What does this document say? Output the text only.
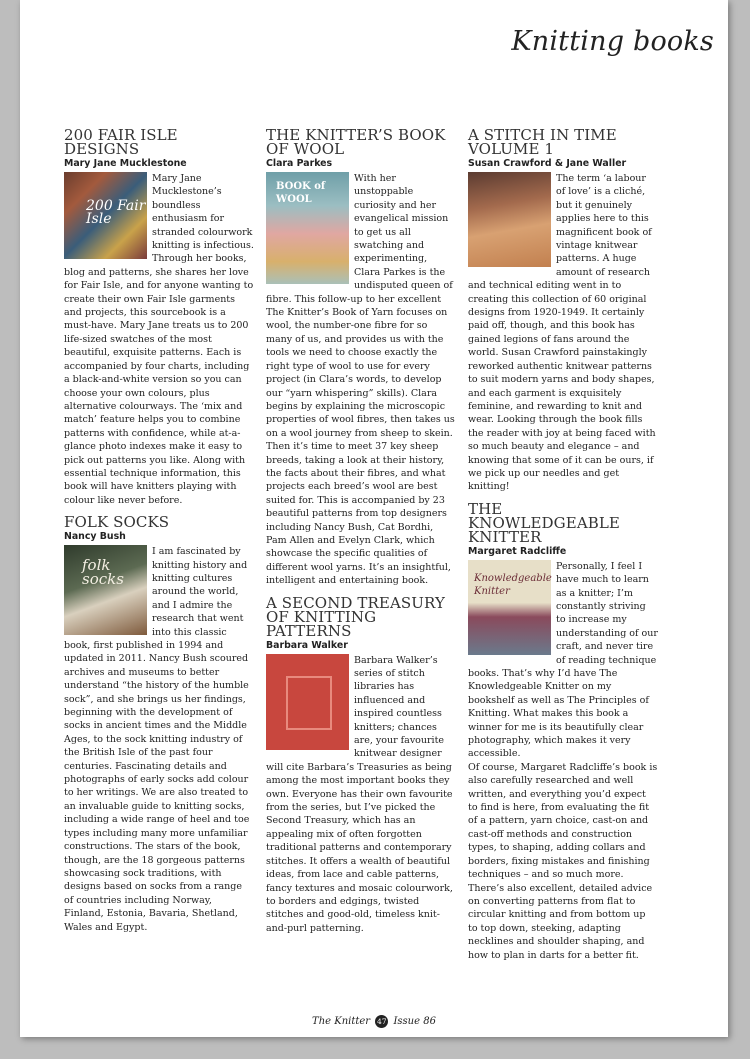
Knitting books
200 FAIR ISLE DESIGNS
Mary Jane Mucklestone
200 Fair Isle

Mary Jane Mucklestone’s boundless enthusiasm for stranded colourwork knitting is infectious. Through her books, blog and patterns, she shares her love for Fair Isle, and for anyone wanting to create their own Fair Isle garments and projects, this sourcebook is a must-have. Mary Jane treats us to 200 life-sized swatches of the most beautiful, exquisite patterns. Each is accompanied by four charts, including a black-and-white version so you can choose your own colours, plus alternative colourways. The ‘mix and match’ feature helps you to combine patterns with confidence, while at-a-glance photo indexes make it easy to pick out patterns you like. Along with essential technique information, this book will have knitters playing with colour like never before.

FOLK SOCKS
Nancy Bush
folk socks

I am fascinated by knitting history and knitting cultures around the world, and I admire the research that went into this classic book, first published in 1994 and updated in 2011. Nancy Bush scoured archives and museums to better understand “the history of the humble sock”, and she brings us her findings, beginning with the development of socks in ancient times and the Middle Ages, to the sock knitting industry of the British Isle of the past four centuries. Fascinating details and photographs of early socks add colour to her writings. We are also treated to an invaluable guide to knitting socks, including a wide range of heel and toe types including many more unfamiliar constructions. The stars of the book, though, are the 18 gorgeous patterns showcasing sock traditions, with designs based on socks from a range of countries including Norway, Finland, Estonia, Bavaria, Shetland, Wales and Egypt.

THE KNITTER’S BOOK OF WOOL
Clara Parkes
BOOK of WOOL

With her unstoppable curiosity and her evangelical mission to get us all swatching and experimenting, Clara Parkes is the undisputed queen of fibre. This follow-up to her excellent The Knitter’s Book of Yarn focuses on wool, the number-one fibre for so many of us, and provides us with the tools we need to choose exactly the right type of wool to use for every project (in Clara’s words, to develop our “yarn whispering” skills). Clara begins by explaining the microscopic properties of wool fibres, then takes us on a wool journey from sheep to skein. Then it’s time to meet 37 key sheep breeds, taking a look at their history, the facts about their fibres, and what projects each breed’s wool are best suited for. This is accompanied by 23 beautiful patterns from top designers including Nancy Bush, Cat Bordhi, Pam Allen and Evelyn Clark, which showcase the specific qualities of different wool yarns. It’s an insightful, intelligent and entertaining book.

A SECOND TREASURY OF KNITTING PATTERNS
Barbara Walker

Barbara Walker’s series of stitch libraries has influenced and inspired countless knitters; chances are, your favourite knitwear designer will cite Barbara’s Treasuries as being among the most important books they own. Everyone has their own favourite from the series, but I’ve picked the Second Treasury, which has an appealing mix of often forgotten traditional patterns and contemporary stitches. It offers a wealth of beautiful ideas, from lace and cable patterns, fancy textures and mosaic colourwork, to borders and edgings, twisted stitches and good-old, timeless knit-and-purl patterning.

A STITCH IN TIME VOLUME 1
Susan Crawford & Jane Waller

The term ‘a labour of love’ is a cliché, but it genuinely applies here to this magnificent book of vintage knitwear patterns. A huge amount of research and technical editing went in to creating this collection of 60 original designs from 1920-1949. It certainly paid off, though, and this book has gained legions of fans around the world. Susan Crawford painstakingly reworked authentic knitwear patterns to suit modern yarns and body shapes, and each garment is exquisitely feminine, and rewarding to knit and wear. Looking through the book fills the reader with joy at being faced with so much beauty and elegance – and knowing that some of it can be ours, if we pick up our needles and get knitting!

THE KNOWLEDGEABLE KNITTER
Margaret Radcliffe
Knowledgeable Knitter

Personally, I feel I have much to learn as a knitter; I’m constantly striving to increase my understanding of our craft, and never tire of reading technique books. That’s why I’d have The Knowledgeable Knitter on my bookshelf as well as The Principles of Knitting. What makes this book a winner for me is its beautifully clear photography, which makes it very accessible.

Of course, Margaret Radcliffe’s book is also carefully researched and well written, and everything you’d expect to find is here, from evaluating the fit of a pattern, yarn choice, cast-on and cast-off methods and construction types, to shaping, adding collars and borders, fixing mistakes and finishing techniques – and so much more.

There’s also excellent, detailed advice on converting patterns from flat to circular knitting and from bottom up to top down, steeking, adapting necklines and shoulder shaping, and how to plan in darts for a better fit.

The Knitter 47 Issue 86
